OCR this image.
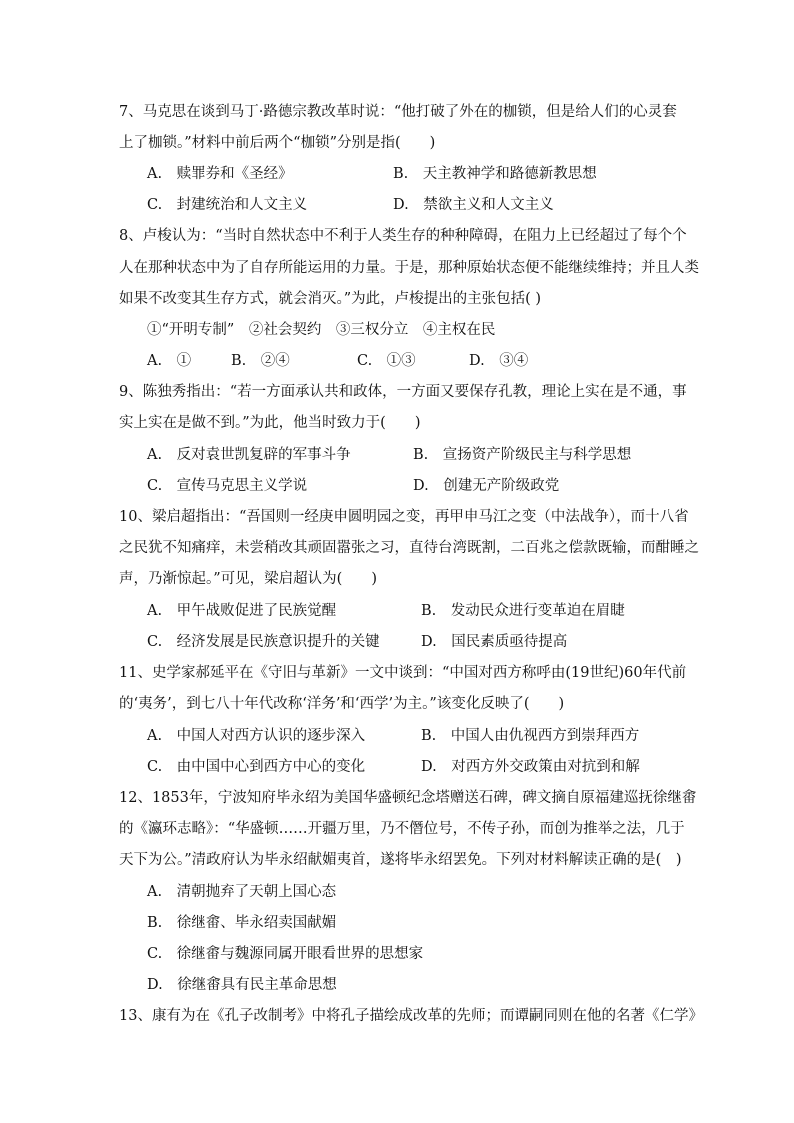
7、马克思在谈到马丁·路德宗教改革时说：“他打破了外在的枷锁，但是给人们的心灵套
上了枷锁。”材料中前后两个“枷锁”分别是指(　　)
A.　赎罪券和《圣经》	B.　天主教神学和路德新教思想
C.　封建统治和人文主义	D.　禁欲主义和人文主义
8、卢梭认为：“当时自然状态中不利于人类生存的种种障碍，在阻力上已经超过了每个个
人在那种状态中为了自存所能运用的力量。于是，那种原始状态便不能继续维持；并且人类
如果不改变其生存方式，就会消灭。”为此，卢梭提出的主张包括( )
①“开明专制”　②社会契约　③三权分立　④主权在民
A.　①	B.　②④	C.　①③	D.　③④
9、陈独秀指出：“若一方面承认共和政体，一方面又要保存孔教，理论上实在是不通，事
实上实在是做不到。”为此，他当时致力于(　　)
A.　反对袁世凯复辟的军事斗争	B.　宣扬资产阶级民主与科学思想
C.　宣传马克思主义学说	D.　创建无产阶级政党
10、梁启超指出：“吾国则一经庚申圆明园之变，再甲申马江之变（中法战争），而十八省
之民犹不知痛痒，未尝稍改其顽固嚣张之习，直待台湾既割，二百兆之偿款既输，而酣睡之
声，乃渐惊起。”可见，梁启超认为(　　)
A.　甲午战败促进了民族觉醒	B.　发动民众进行变革迫在眉睫
C.　经济发展是民族意识提升的关键	D.　国民素质亟待提高
11、史学家郝延平在《守旧与革新》一文中谈到：“中国对西方称呼由(19世纪)60年代前
的‘夷务’，到七八十年代改称‘洋务’和‘西学’为主。”该变化反映了(　　)
A.　中国人对西方认识的逐步深入	B.　中国人由仇视西方到崇拜西方
C.　由中国中心到西方中心的变化	D.　对西方外交政策由对抗到和解
12、1853年，宁波知府毕永绍为美国华盛顿纪念塔赠送石碑，碑文摘自原福建巡抚徐继畬
的《瀛环志略》：“华盛顿……开疆万里，乃不僭位号，不传子孙，而创为推举之法，几于
天下为公。”清政府认为毕永绍献媚夷首，遂将毕永绍罢免。下列对材料解读正确的是(　)
A.　清朝抛弃了天朝上国心态
B.　徐继畬、毕永绍卖国献媚
C.　徐继畬与魏源同属开眼看世界的思想家
D.　徐继畬具有民主革命思想
13、康有为在《孔子改制考》中将孔子描绘成改革的先师；而谭嗣同则在他的名著《仁学》
